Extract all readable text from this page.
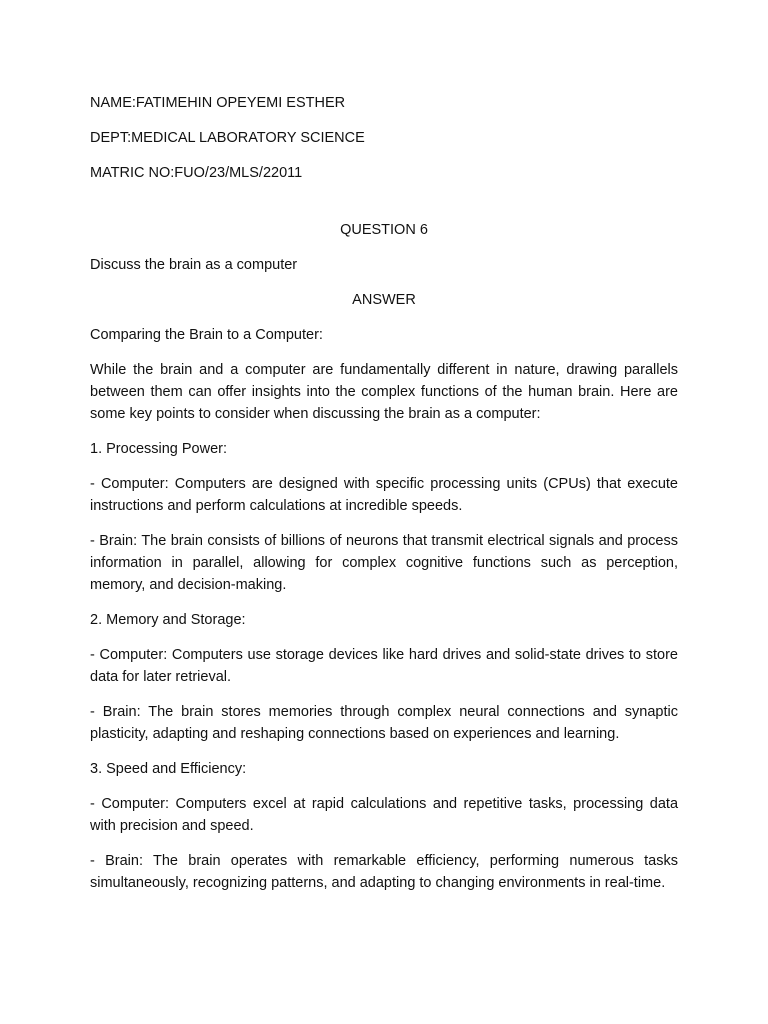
NAME:FATIMEHIN OPEYEMI ESTHER

DEPT:MEDICAL LABORATORY SCIENCE

MATRIC NO:FUO/23/MLS/22011

QUESTION 6

Discuss the brain as a computer

ANSWER

Comparing the Brain to a Computer:

While the brain and a computer are fundamentally different in nature, drawing parallels between them can offer insights into the complex functions of the human brain. Here are some key points to consider when discussing the brain as a computer:

1. Processing Power:

- Computer: Computers are designed with specific processing units (CPUs) that execute instructions and perform calculations at incredible speeds.

- Brain: The brain consists of billions of neurons that transmit electrical signals and process information in parallel, allowing for complex cognitive functions such as perception, memory, and decision-making.

2. Memory and Storage:

- Computer: Computers use storage devices like hard drives and solid-state drives to store data for later retrieval.

- Brain: The brain stores memories through complex neural connections and synaptic plasticity, adapting and reshaping connections based on experiences and learning.

3. Speed and Efficiency:

- Computer: Computers excel at rapid calculations and repetitive tasks, processing data with precision and speed.

- Brain: The brain operates with remarkable efficiency, performing numerous tasks simultaneously, recognizing patterns, and adapting to changing environments in real-time.
